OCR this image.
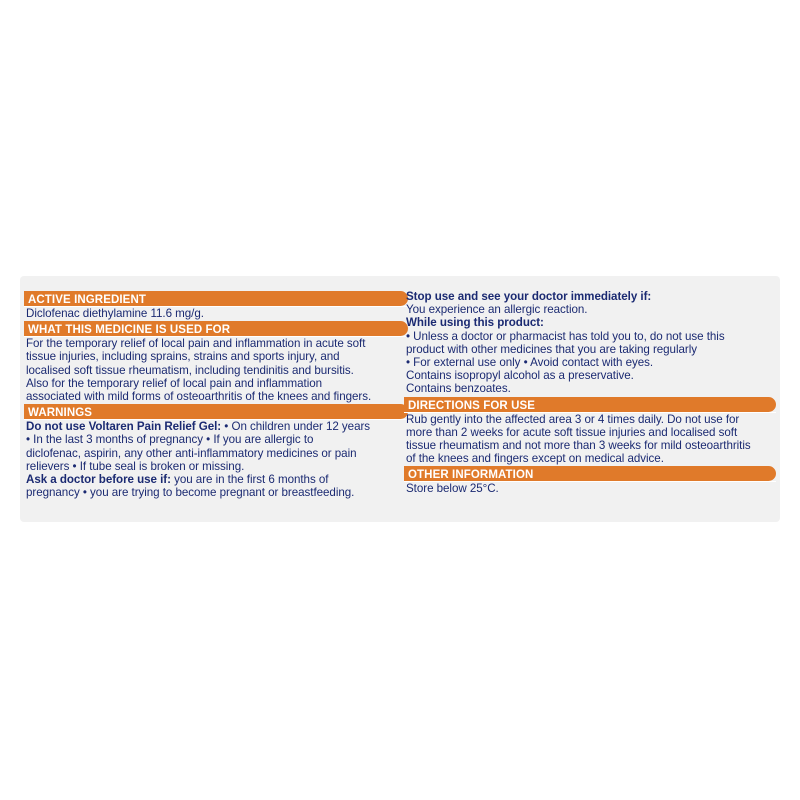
ACTIVE INGREDIENT
Diclofenac diethylamine 11.6 mg/g.
WHAT THIS MEDICINE IS USED FOR
For the temporary relief of local pain and inflammation in acute soft
tissue injuries, including sprains, strains and sports injury, and
localised soft tissue rheumatism, including tendinitis and bursitis.
Also for the temporary relief of local pain and inflammation
associated with mild forms of osteoarthritis of the knees and fingers.
WARNINGS
Do not use Voltaren Pain Relief Gel: • On children under 12 years
• In the last 3 months of pregnancy • If you are allergic to
diclofenac, aspirin, any other anti-inflammatory medicines or pain
relievers • If tube seal is broken or missing.
Ask a doctor before use if: you are in the first 6 months of
pregnancy • you are trying to become pregnant or breastfeeding.
Stop use and see your doctor immediately if:
You experience an allergic reaction.
While using this product:
• Unless a doctor or pharmacist has told you to, do not use this
product with other medicines that you are taking regularly
• For external use only • Avoid contact with eyes.
Contains isopropyl alcohol as a preservative.
Contains benzoates.
DIRECTIONS FOR USE
Rub gently into the affected area 3 or 4 times daily. Do not use for
more than 2 weeks for acute soft tissue injuries and localised soft
tissue rheumatism and not more than 3 weeks for mild osteoarthritis
of the knees and fingers except on medical advice.
OTHER INFORMATION
Store below 25°C.
